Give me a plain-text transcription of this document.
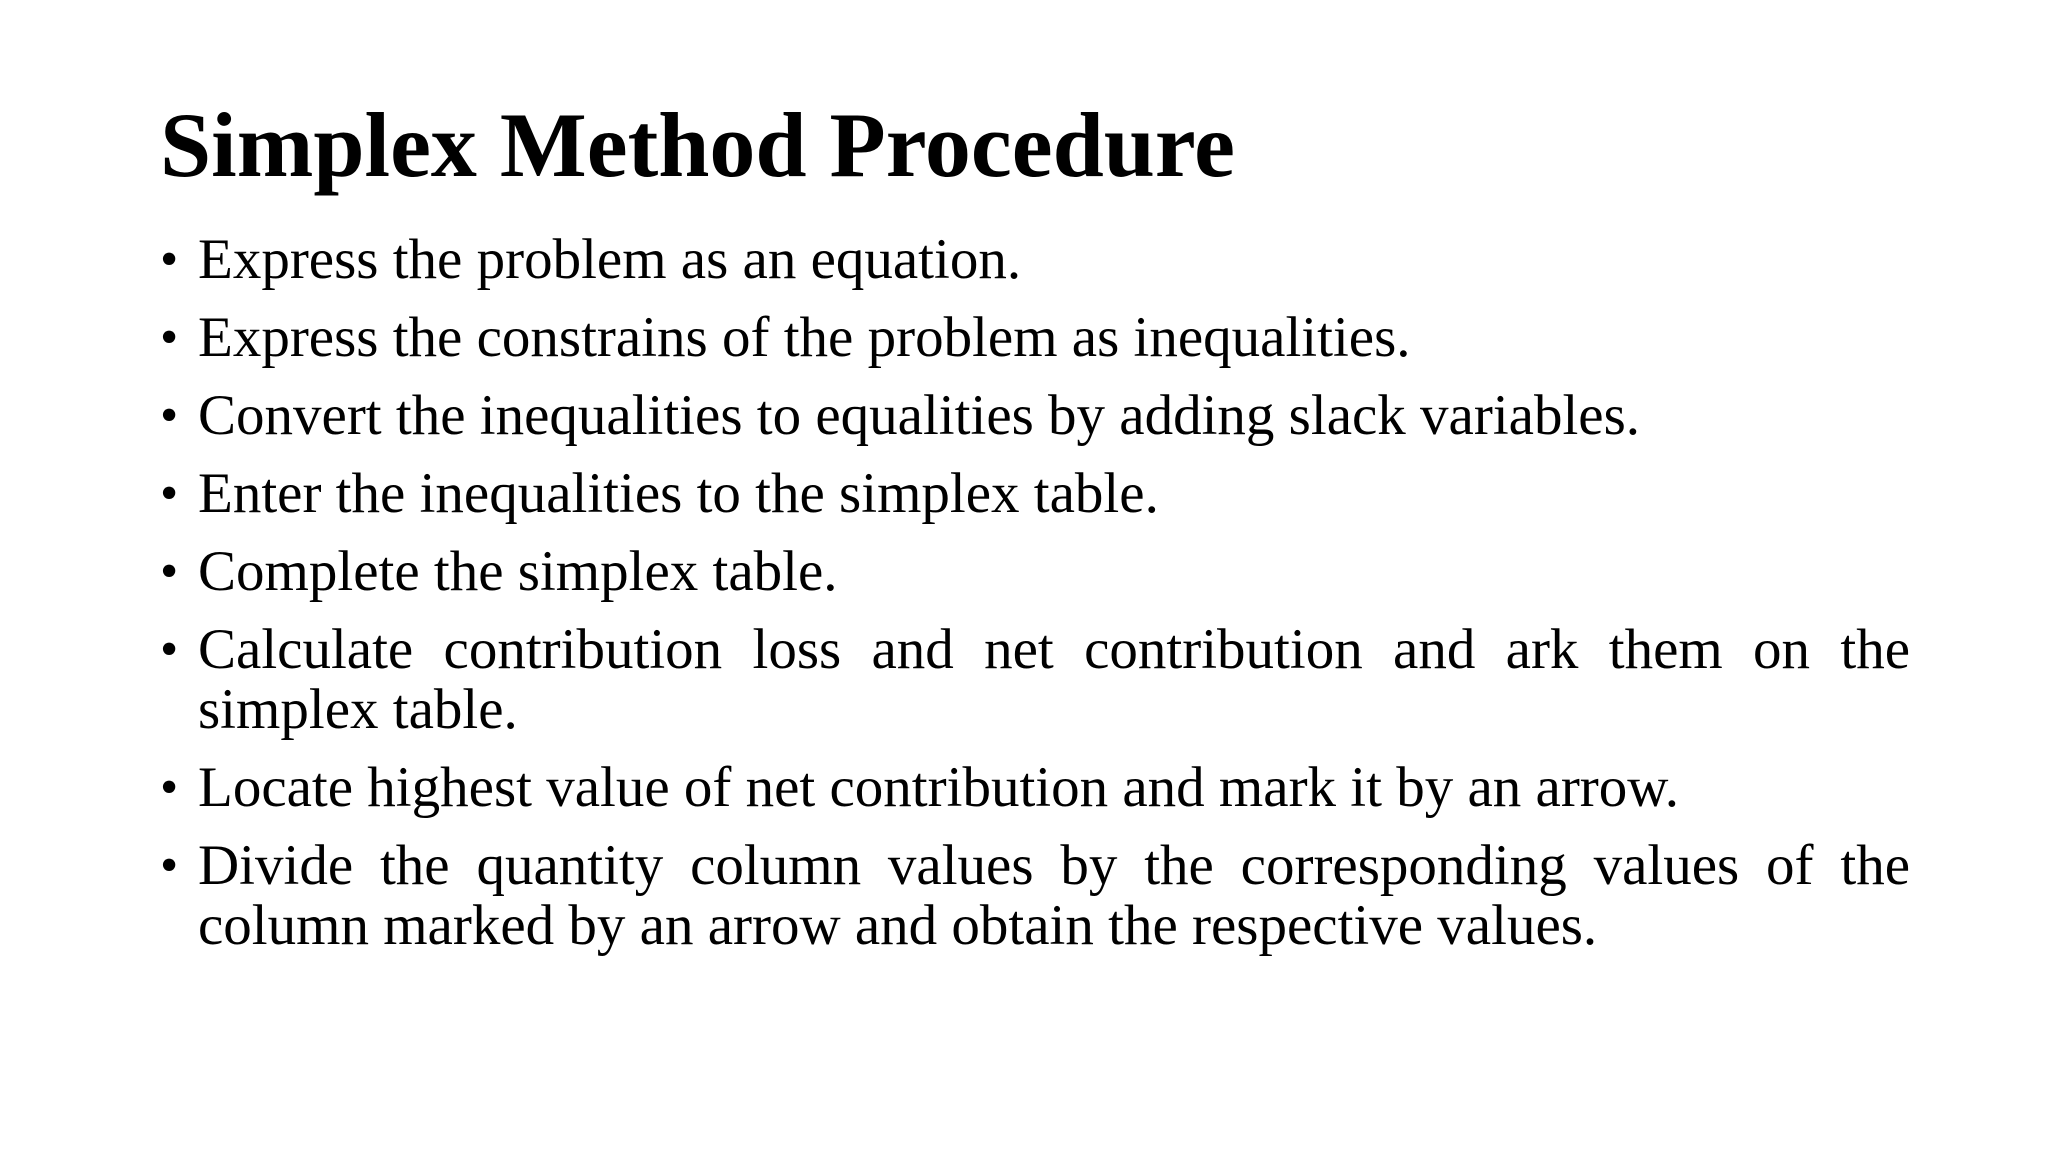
Simplex Method Procedure
• Express the problem as an equation.
• Express the constrains of the problem as inequalities.
• Convert the inequalities to equalities by adding slack variables.
• Enter the inequalities to the simplex table.
• Complete the simplex table.
• Calculate contribution loss and net contribution and ark them on the simplex table.
• Locate highest value of net contribution and mark it by an arrow.
• Divide the quantity column values by the corresponding values of the column marked by an arrow and obtain the respective values.
